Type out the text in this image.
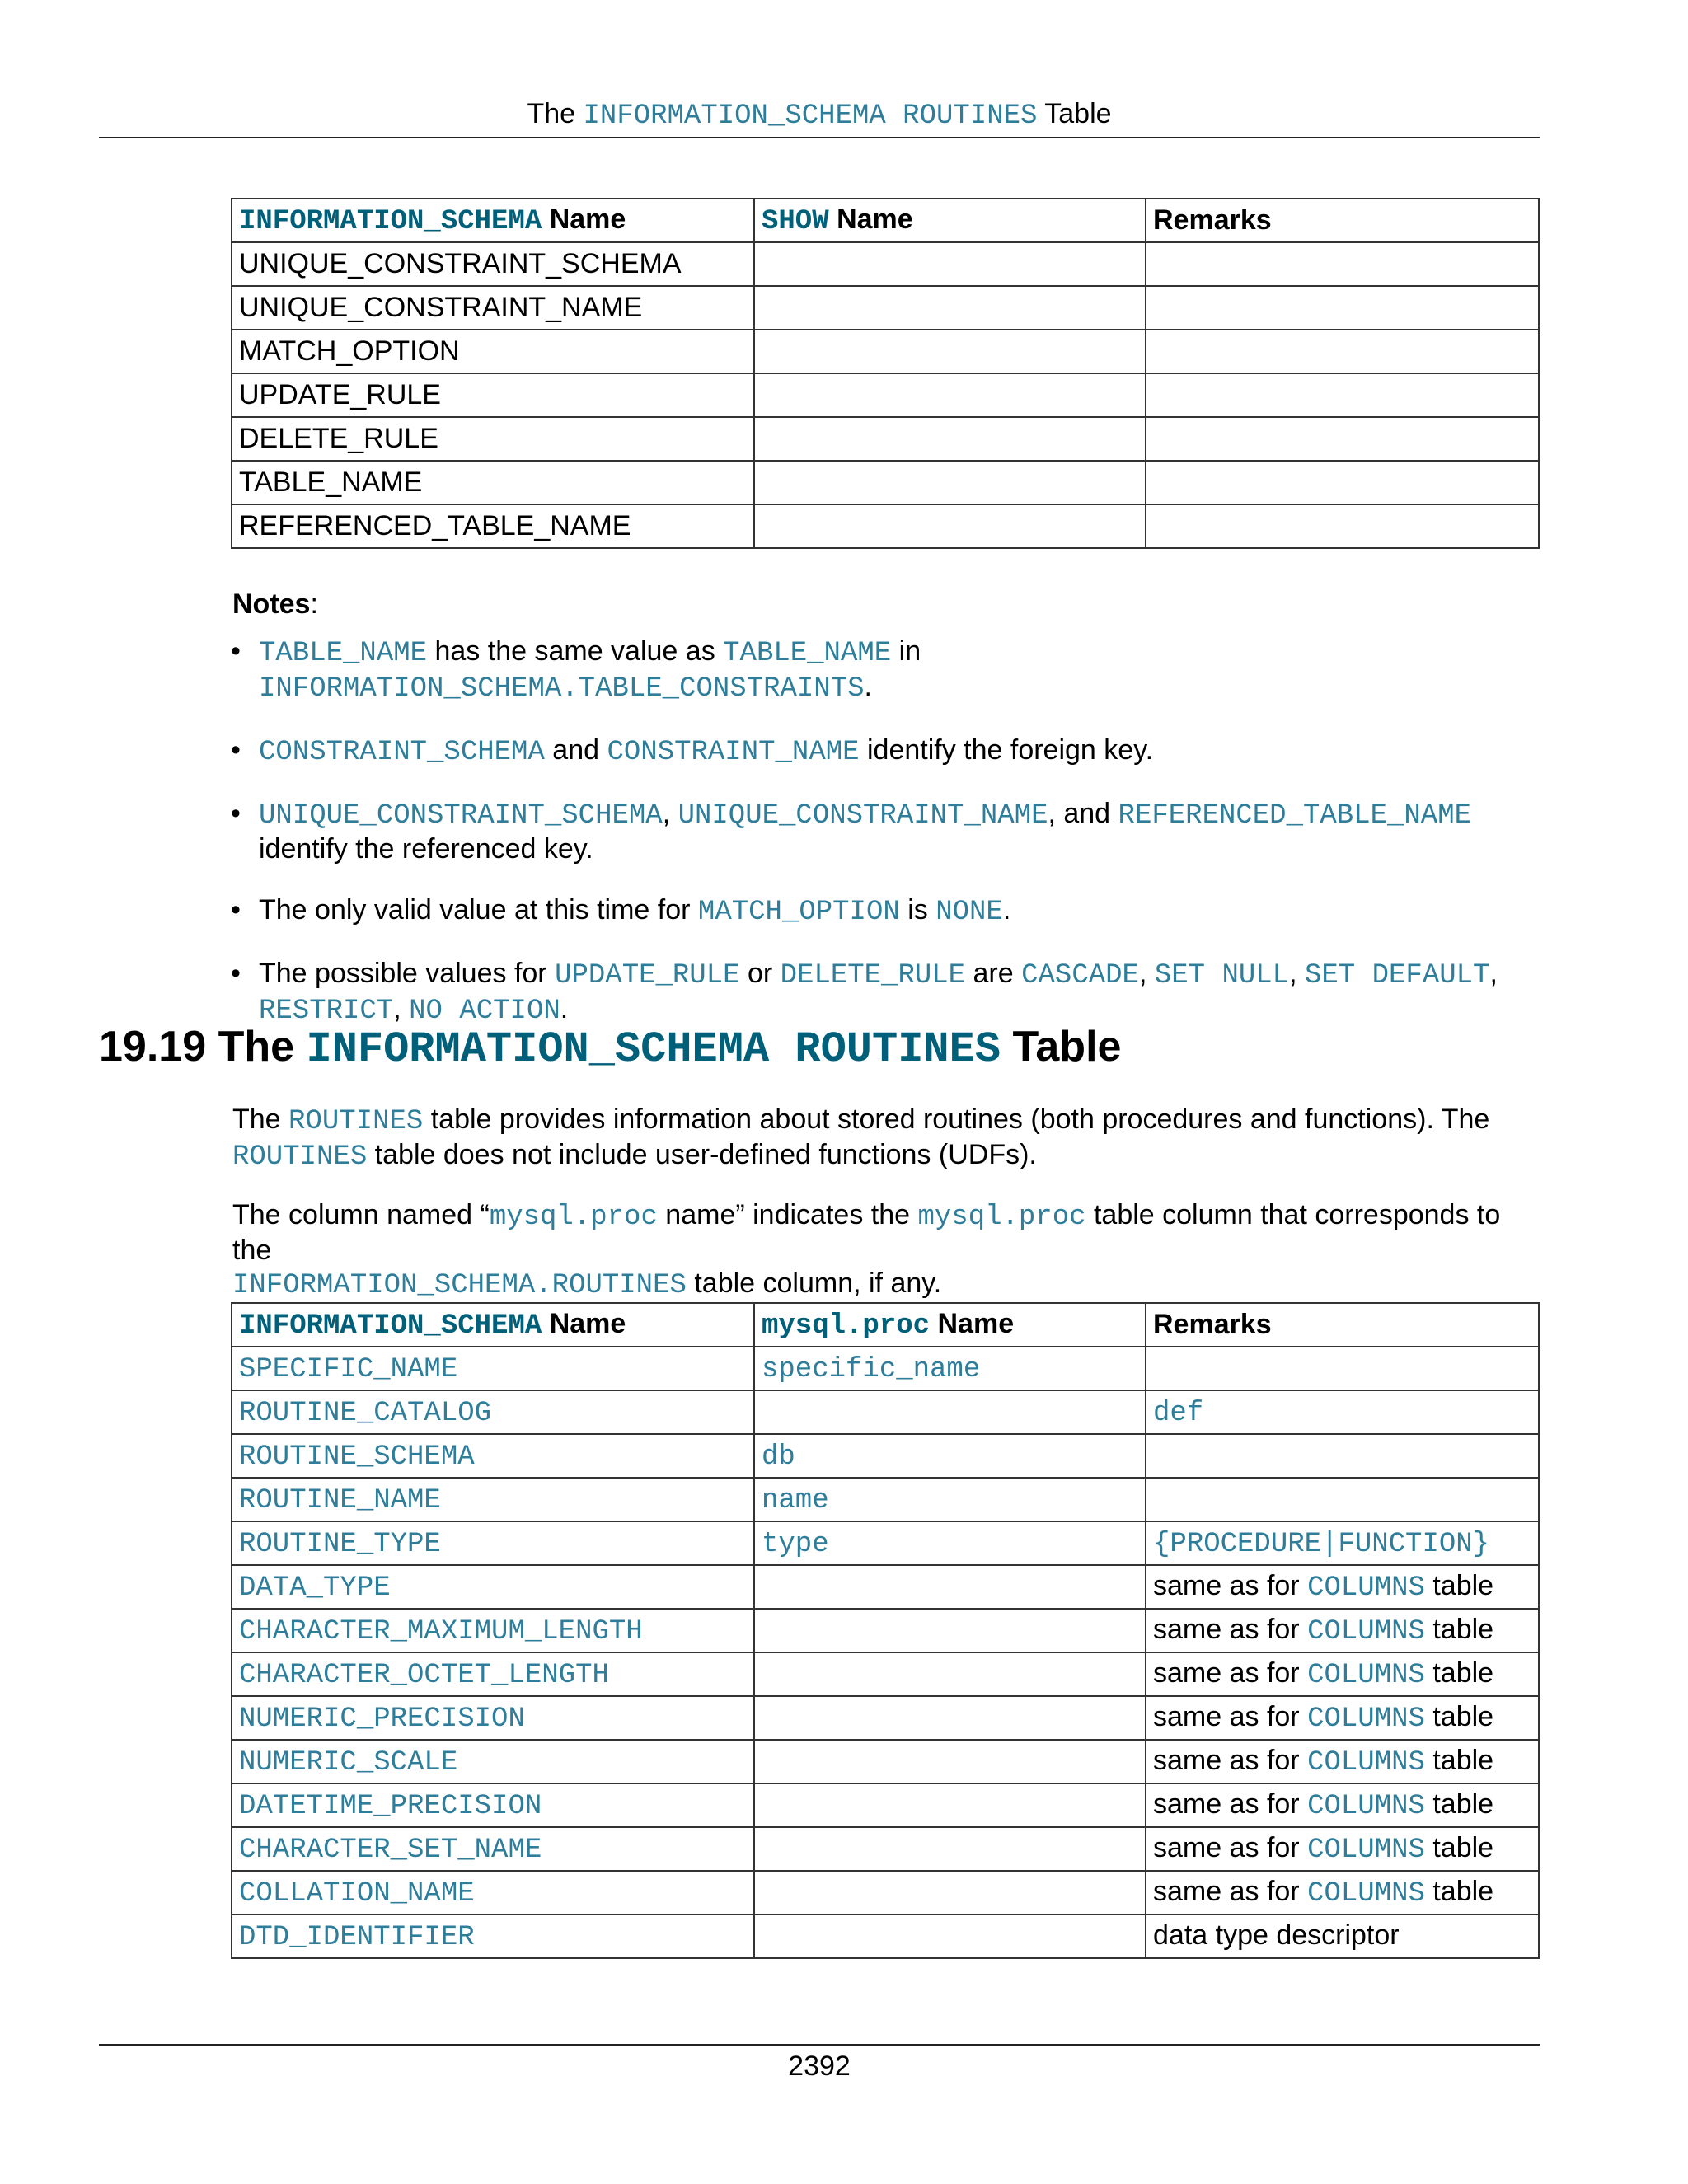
The INFORMATION_SCHEMA ROUTINES Table
INFORMATION_SCHEMA Name	SHOW Name	Remarks
UNIQUE_CONSTRAINT_SCHEMA		
UNIQUE_CONSTRAINT_NAME		
MATCH_OPTION		
UPDATE_RULE		
DELETE_RULE		
TABLE_NAME		
REFERENCED_TABLE_NAME		
Notes:
• TABLE_NAME has the same value as TABLE_NAME in INFORMATION_SCHEMA.TABLE_CONSTRAINTS.
• CONSTRAINT_SCHEMA and CONSTRAINT_NAME identify the foreign key.
• UNIQUE_CONSTRAINT_SCHEMA, UNIQUE_CONSTRAINT_NAME, and REFERENCED_TABLE_NAME
identify the referenced key.
• The only valid value at this time for MATCH_OPTION is NONE.
• The possible values for UPDATE_RULE or DELETE_RULE are CASCADE, SET NULL, SET DEFAULT,
RESTRICT, NO ACTION.
19.19 The INFORMATION_SCHEMA ROUTINES Table
The ROUTINES table provides information about stored routines (both procedures and functions). The
ROUTINES table does not include user-defined functions (UDFs).
The column named “mysql.proc name” indicates the mysql.proc table column that corresponds to the
INFORMATION_SCHEMA.ROUTINES table column, if any.
INFORMATION_SCHEMA Name	mysql.proc Name	Remarks
SPECIFIC_NAME	specific_name	
ROUTINE_CATALOG		def
ROUTINE_SCHEMA	db	
ROUTINE_NAME	name	
ROUTINE_TYPE	type	{PROCEDURE|FUNCTION}
DATA_TYPE		same as for COLUMNS table
CHARACTER_MAXIMUM_LENGTH		same as for COLUMNS table
CHARACTER_OCTET_LENGTH		same as for COLUMNS table
NUMERIC_PRECISION		same as for COLUMNS table
NUMERIC_SCALE		same as for COLUMNS table
DATETIME_PRECISION		same as for COLUMNS table
CHARACTER_SET_NAME		same as for COLUMNS table
COLLATION_NAME		same as for COLUMNS table
DTD_IDENTIFIER		data type descriptor
2392
